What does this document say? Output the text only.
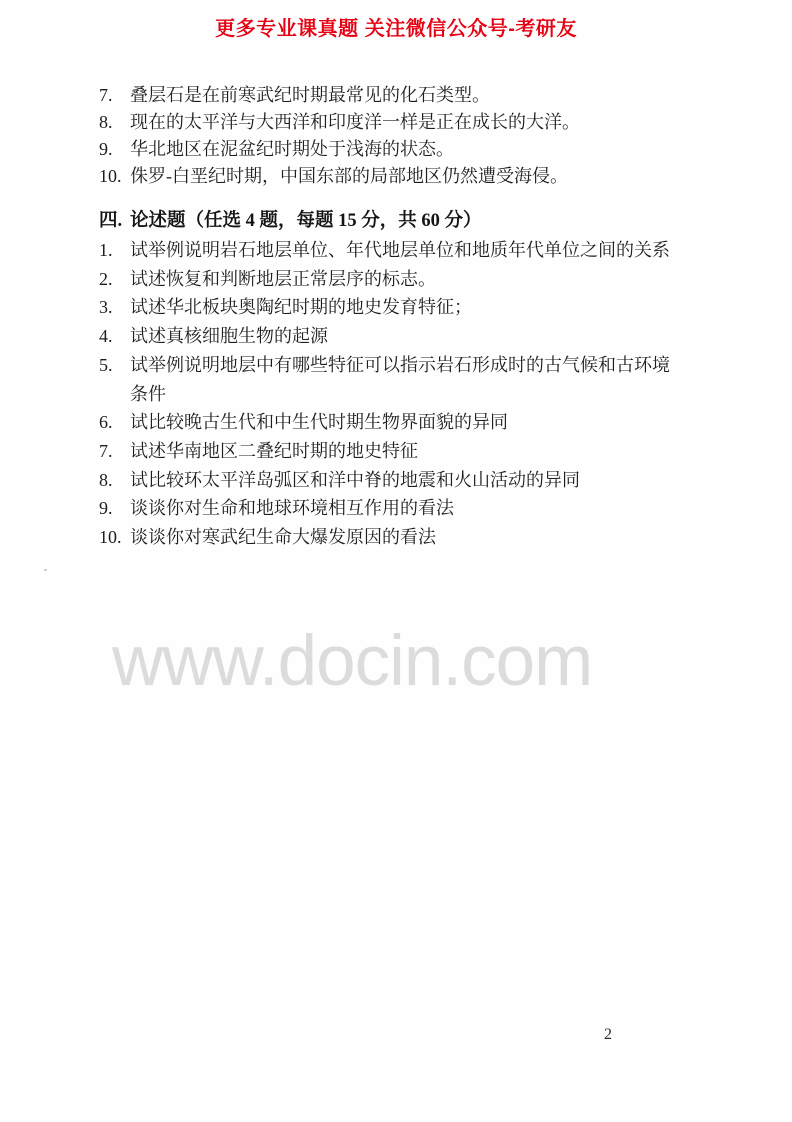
更多专业课真题 关注微信公众号-考研友
7. 叠层石是在前寒武纪时期最常见的化石类型。
8. 现在的太平洋与大西洋和印度洋一样是正在成长的大洋。
9. 华北地区在泥盆纪时期处于浅海的状态。
10. 侏罗-白垩纪时期，中国东部的局部地区仍然遭受海侵。
四. 论述题（任选 4 题，每题 15 分，共 60 分）
1. 试举例说明岩石地层单位、年代地层单位和地质年代单位之间的关系
2. 试述恢复和判断地层正常层序的标志。
3. 试述华北板块奥陶纪时期的地史发育特征；
4. 试述真核细胞生物的起源
5. 试举例说明地层中有哪些特征可以指示岩石形成时的古气候和古环境条件
6. 试比较晚古生代和中生代时期生物界面貌的异同
7. 试述华南地区二叠纪时期的地史特征
8. 试比较环太平洋岛弧区和洋中脊的地震和火山活动的异同
9. 谈谈你对生命和地球环境相互作用的看法
10. 谈谈你对寒武纪生命大爆发原因的看法
www.docin.com
2
